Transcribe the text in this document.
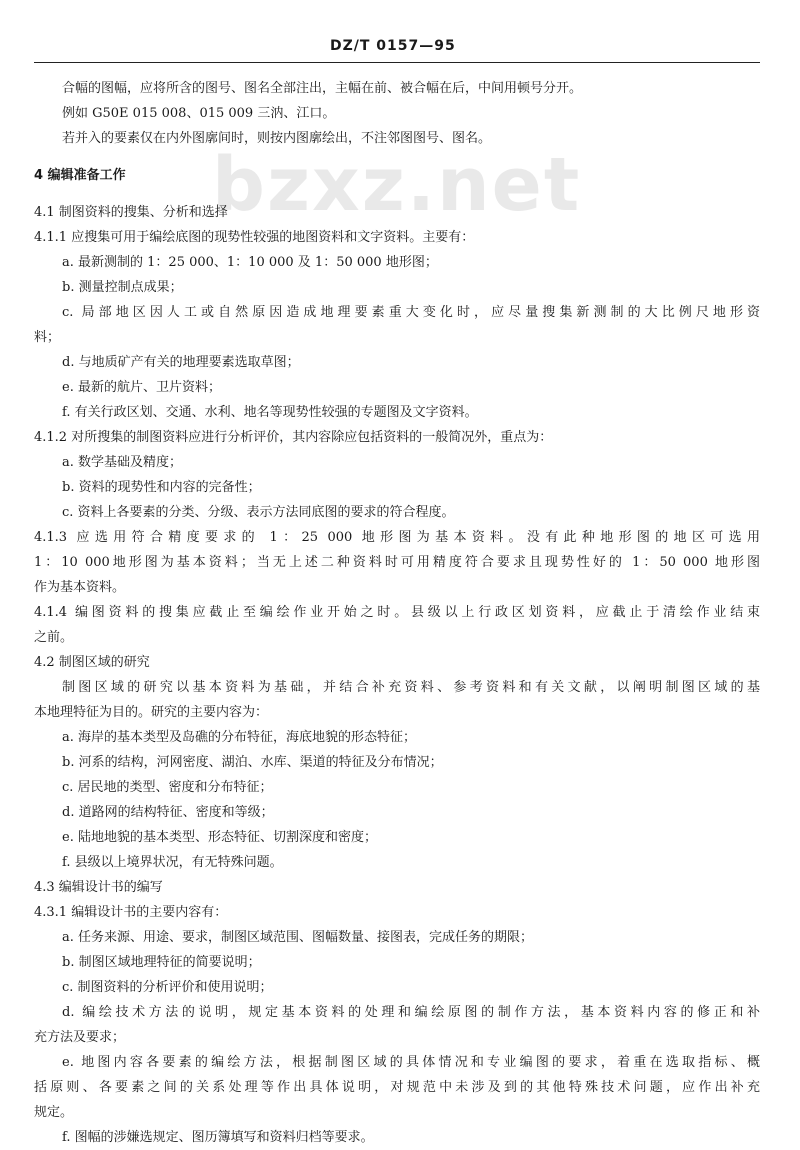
DZ/T 0157—95
bzxz.net
合幅的图幅，应将所含的图号、图名全部注出，主幅在前、被合幅在后，中间用顿号分开。
例如 G50E 015 008、015 009 三汭、江口。
若并入的要素仅在内外图廓间时，则按内图廓绘出，不注邻图图号、图名。
4 编辑准备工作
4.1 制图资料的搜集、分析和选择
4.1.1 应搜集可用于编绘底图的现势性较强的地图资料和文字资料。主要有：
a. 最新测制的 1：25 000、1：10 000 及 1：50 000 地形图；
b. 测量控制点成果；
c. 局部地区因人工或自然原因造成地理要素重大变化时，应尽量搜集新测制的大比例尺地形资
料；
d. 与地质矿产有关的地理要素选取草图；
e. 最新的航片、卫片资料；
f. 有关行政区划、交通、水利、地名等现势性较强的专题图及文字资料。
4.1.2 对所搜集的制图资料应进行分析评价，其内容除应包括资料的一般简况外，重点为：
a. 数学基础及精度；
b. 资料的现势性和内容的完备性；
c. 资料上各要素的分类、分级、表示方法同底图的要求的符合程度。
4.1.3 应选用符合精度要求的 1：25 000 地形图为基本资料。没有此种地形图的地区可选用
1：10 000地形图为基本资料；当无上述二种资料时可用精度符合要求且现势性好的 1：50 000 地形图
作为基本资料。
4.1.4 编图资料的搜集应截止至编绘作业开始之时。县级以上行政区划资料，应截止于清绘作业结束
之前。
4.2 制图区域的研究
制图区域的研究以基本资料为基础，并结合补充资料、参考资料和有关文献，以阐明制图区域的基
本地理特征为目的。研究的主要内容为：
a. 海岸的基本类型及岛礁的分布特征，海底地貌的形态特征；
b. 河系的结构，河网密度、湖泊、水库、渠道的特征及分布情况；
c. 居民地的类型、密度和分布特征；
d. 道路网的结构特征、密度和等级；
e. 陆地地貌的基本类型、形态特征、切割深度和密度；
f. 县级以上境界状况，有无特殊问题。
4.3 编辑设计书的编写
4.3.1 编辑设计书的主要内容有：
a. 任务来源、用途、要求，制图区域范围、图幅数量、接图表，完成任务的期限；
b. 制图区域地理特征的简要说明；
c. 制图资料的分析评价和使用说明；
d. 编绘技术方法的说明，规定基本资料的处理和编绘原图的制作方法，基本资料内容的修正和补
充方法及要求；
e. 地图内容各要素的编绘方法，根据制图区域的具体情况和专业编图的要求，着重在选取指标、概
括原则、各要素之间的关系处理等作出具体说明，对规范中未涉及到的其他特殊技术问题，应作出补充
规定。
f. 图幅的涉嫌选规定、图历簿填写和资料归档等要求。
